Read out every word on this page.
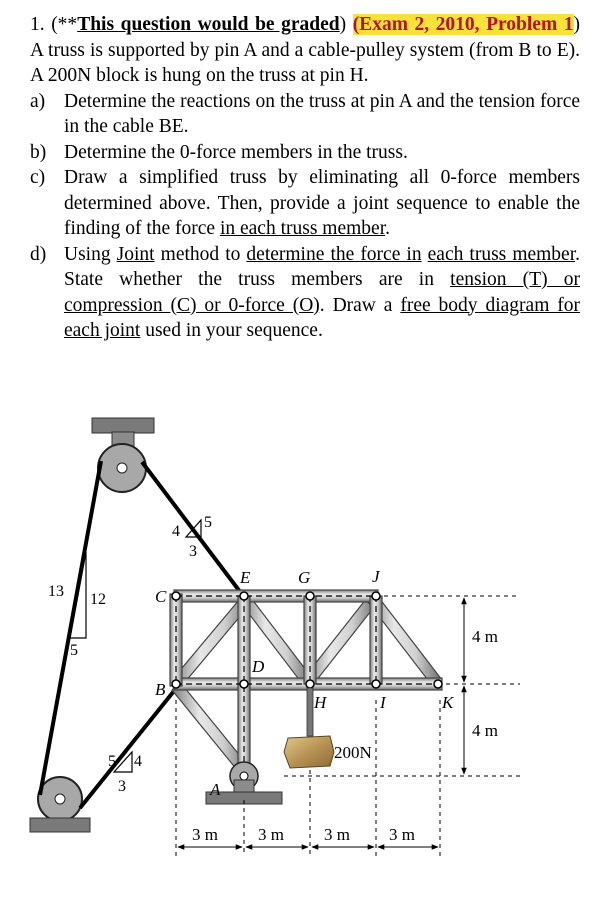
1. (**This question would be graded) (Exam 2, 2010, Problem 1) A truss is supported by pin A and a cable-pulley system (from B to E). A 200N block is hung on the truss at pin H.

a) Determine the reactions on the truss at pin A and the tension force in the cable BE.
b) Determine the 0-force members in the truss.
c) Draw a simplified truss by eliminating all 0-force members determined above. Then, provide a joint sequence to enable the finding of the force in each truss member.
d) Using Joint method to determine the force in each truss member. State whether the truss members are in tension (T) or compression (C) or 0-force (O). Draw a free body diagram for each joint used in your sequence.
A
B
C
D
E	G
H	I
J
K
200N
4
5
3
13 12
5
5 4
3
4 m
4 m
3 m 3 m 3 m 3 m
